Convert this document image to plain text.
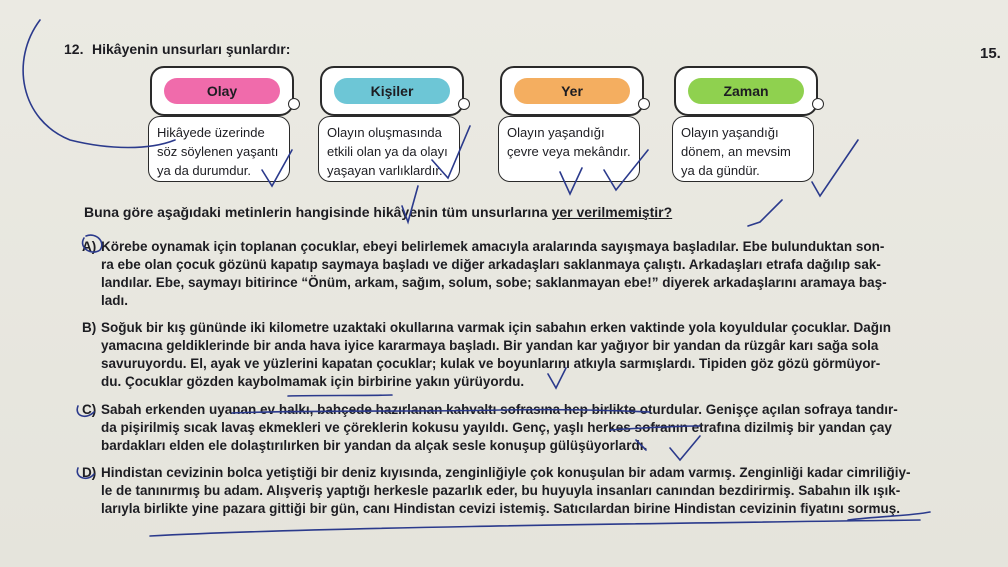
12. Hikâyenin unsurları şunlardır:	15.
Olay
Hikâyede üzerinde
söz söylenen yaşantı
ya da durumdur.
Kişiler
Olayın oluşmasında
etkili olan ya da olayı
yaşayan varlıklardır.
Yer
Olayın yaşandığı
çevre veya mekândır.
Zaman
Olayın yaşandığı
dönem, an mevsim
ya da gündür.
Buna göre aşağıdaki metinlerin hangisinde hikâyenin tüm unsurlarına yer verilmemiştir?
A) Körebe oynamak için toplanan çocuklar, ebeyi belirlemek amacıyla aralarında sayışmaya başladılar. Ebe bulunduktan son-
ra ebe olan çocuk gözünü kapatıp saymaya başladı ve diğer arkadaşları saklanmaya çalıştı. Arkadaşları etrafa dağılıp sak-
landılar. Ebe, saymayı bitirince “Önüm, arkam, sağım, solum, sobe; saklanmayan ebe!” diyerek arkadaşlarını aramaya baş-
ladı.
B) Soğuk bir kış gününde iki kilometre uzaktaki okullarına varmak için sabahın erken vaktinde yola koyuldular çocuklar. Dağın
yamacına geldiklerinde bir anda hava iyice kararmaya başladı. Bir yandan kar yağıyor bir yandan da rüzgâr karı sağa sola
savuruyordu. El, ayak ve yüzlerini kapatan çocuklar; kulak ve boyunlarını atkıyla sarmışlardı. Tipiden göz gözü görmüyor-
du. Çocuklar gözden kaybolmamak için birbirine yakın yürüyordu.
C) Sabah erkenden uyanan ev halkı, bahçede hazırlanan kahvaltı sofrasına hep birlikte oturdular. Genişçe açılan sofraya tandır-
da pişirilmiş sıcak lavaş ekmekleri ve çöreklerin kokusu yayıldı. Genç, yaşlı herkes sofranın etrafına dizilmiş bir yandan çay
bardakları elden ele dolaştırılırken bir yandan da alçak sesle konuşup gülüşüyorlardı.
D) Hindistan cevizinin bolca yetiştiği bir deniz kıyısında, zenginliğiyle çok konuşulan bir adam varmış. Zenginliği kadar cimriliğiy-
le de tanınırmış bu adam. Alışveriş yaptığı herkesle pazarlık eder, bu huyuyla insanları canından bezdirirmiş. Sabahın ilk ışık-
larıyla birlikte yine pazara gittiği bir gün, canı Hindistan cevizi istemiş. Satıcılardan birine Hindistan cevizinin fiyatını sormuş.
